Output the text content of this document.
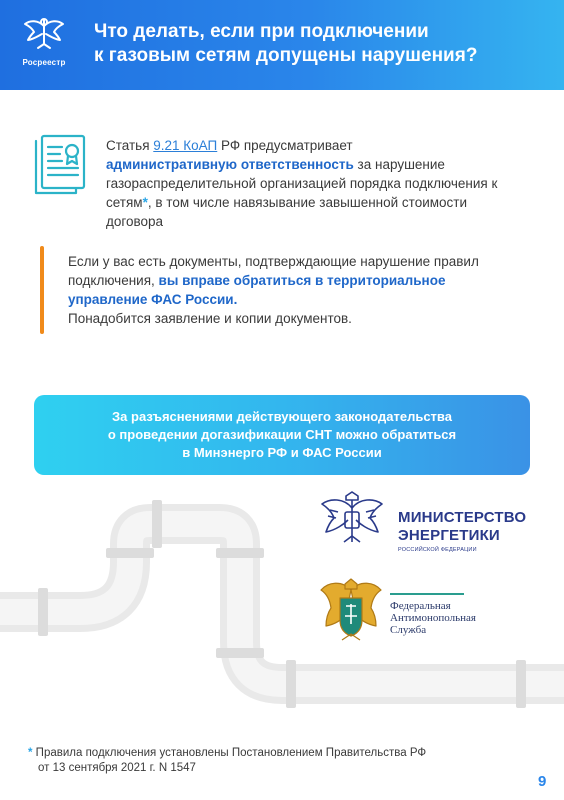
Росреестр
Что делать, если при подключении
к газовым сетям допущены нарушения?
Статья 9.21 КоАП РФ предусматривает
административную ответственность за нарушение газораспределительной организацией порядка подключения к сетям*, в том числе навязывание завышенной стоимости договора
Если у вас есть документы, подтверждающие нарушение правил подключения, вы вправе обратиться в территориальное управление ФАС России.
Понадобится заявление и копии документов.
За разъяснениями действующего законодательства
о проведении догазификации СНТ можно обратиться
в Минэнерго РФ и ФАС России
МИНИСТЕРСТВО
ЭНЕРГЕТИКИ
РОССИЙСКОЙ ФЕДЕРАЦИИ
Федеральная
Антимонопольная
Служба
* Правила подключения установлены Постановлением Правительства РФ
от 13 сентября 2021 г. N 1547
9
